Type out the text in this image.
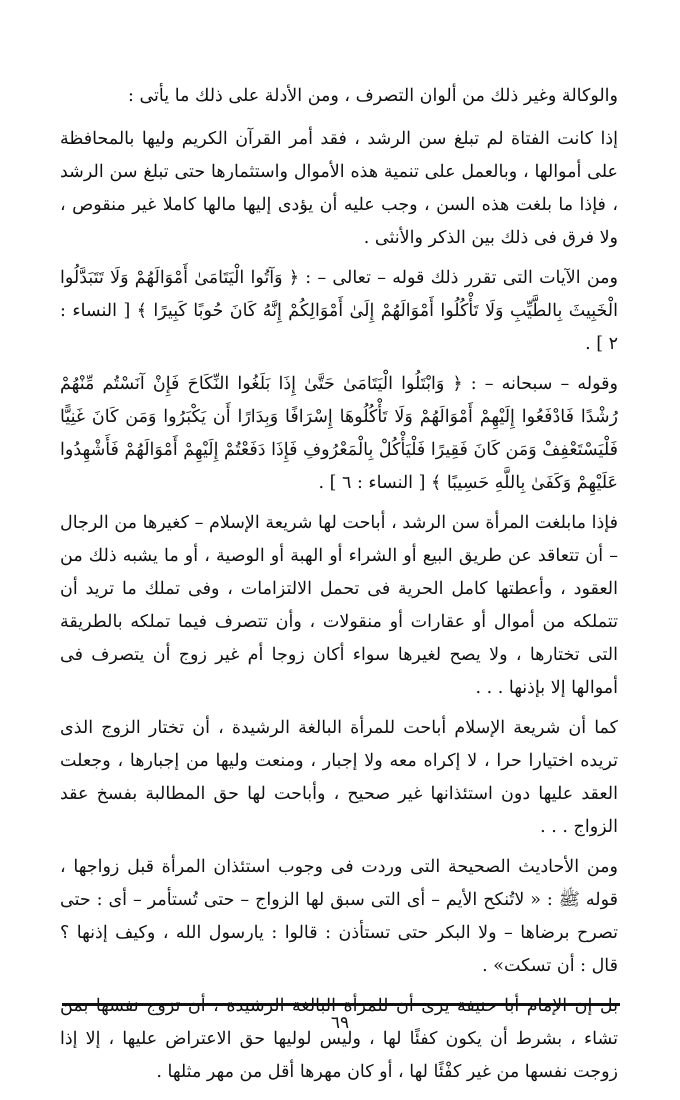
والوكالة وغير ذلك من ألوان التصرف ، ومن الأدلة على ذلك ما يأتى :

إذا كانت الفتاة لم تبلغ سن الرشد ، فقد أمر القرآن الكريم وليها بالمحافظة على أموالها ، وبالعمل على تنمية هذه الأموال واستثمارها حتى تبلغ سن الرشد ، فإذا ما بلغت هذه السن ، وجب عليه أن يؤدى إليها مالها كاملا غير منقوص ، ولا فرق فى ذلك بين الذكر والأنثى .

ومن الآيات التى تقرر ذلك قوله – تعالى – : ﴿ وَآتُوا الْيَتَامَىٰ أَمْوَالَهُمْ وَلَا تَتَبَدَّلُوا الْخَبِيثَ بِالطَّيِّبِ وَلَا تَأْكُلُوا أَمْوَالَهُمْ إِلَىٰ أَمْوَالِكُمْ إِنَّهُ كَانَ حُوبًا كَبِيرًا ﴾ [ النساء : ٢ ] .

وقوله – سبحانه – : ﴿ وَابْتَلُوا الْيَتَامَىٰ حَتَّىٰ إِذَا بَلَغُوا النِّكَاحَ فَإِنْ آنَسْتُم مِّنْهُمْ رُشْدًا فَادْفَعُوا إِلَيْهِمْ أَمْوَالَهُمْ وَلَا تَأْكُلُوهَا إِسْرَافًا وَبِدَارًا أَن يَكْبَرُوا وَمَن كَانَ غَنِيًّا فَلْيَسْتَعْفِفْ وَمَن كَانَ فَقِيرًا فَلْيَأْكُلْ بِالْمَعْرُوفِ فَإِذَا دَفَعْتُمْ إِلَيْهِمْ أَمْوَالَهُمْ فَأَشْهِدُوا عَلَيْهِمْ وَكَفَىٰ بِاللَّهِ حَسِيبًا ﴾ [ النساء : ٦ ] .

فإذا مابلغت المرأة سن الرشد ، أباحت لها شريعة الإسلام – كغيرها من الرجال – أن تتعاقد عن طريق البيع أو الشراء أو الهبة أو الوصية ، أو ما يشبه ذلك من العقود ، وأعطتها كامل الحرية فى تحمل الالتزامات ، وفى تملك ما تريد أن تتملكه من أموال أو عقارات أو منقولات ، وأن تتصرف فيما تملكه بالطريقة التى تختارها ، ولا يصح لغيرها سواء أكان زوجا أم غير زوج أن يتصرف فى أموالها إلا بإذنها . . .

كما أن شريعة الإسلام أباحت للمرأة البالغة الرشيدة ، أن تختار الزوج الذى تريده اختيارا حرا ، لا إكراه معه ولا إجبار ، ومنعت وليها من إجبارها ، وجعلت العقد عليها دون استئذانها غير صحيح ، وأباحت لها حق المطالبة بفسخ عقد الزواج . . .

ومن الأحاديث الصحيحة التى وردت فى وجوب استئذان المرأة قبل زواجها ، قوله ﷺ : « لاتُنكح الأيم – أى التى سبق لها الزواج – حتى تُستأمر – أى : حتى تصرح برضاها – ولا البكر حتى تستأذن : قالوا : يارسول الله ، وكيف إذنها ؟ قال : أن تسكت» .

بل إن الإمام أبا حنيفة يرى أن للمرأة البالغة الرشيدة ، أن تزوج نفسها بمن تشاء ، بشرط أن يكون كفئًا لها ، وليس لوليها حق الاعتراض عليها ، إلا إذا زوجت نفسها من غير كفْئًا لها ، أو كان مهرها أقل من مهر مثلها .

٦٩
